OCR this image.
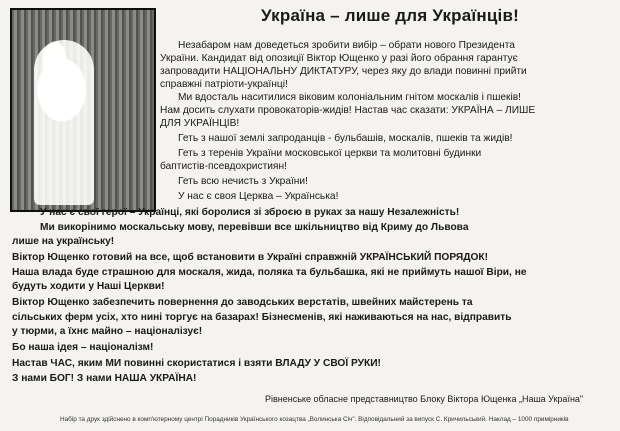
Україна – лише для Українців!
Незабаром нам доведеться зробити вибір – обрати нового Президента
України. Кандидат від опозиції Віктор Ющенко у разі його обрання гарантує
запровадити НАЦІОНАЛЬНУ ДИКТАТУРУ, через яку до влади повинні прийти
справжні патріоти-українці!
Ми вдосталь наситилися віковим колоніальним гнітом москалів і пшеків!
Нам досить слухати провокаторів-жидів! Настав час сказати: УКРАЇНА – ЛИШЕ
ДЛЯ УКРАЇНЦІВ!
Геть з нашої землі запроданців - бульбашів, москалів, пшеків та жидів!
Геть з теренів України московської церкви та молитовні будинки
баптистів-псевдохристиян!
Геть всю нечисть з України!
У нас є своя Церква – Українська!
У нас є свої герої – Українці, які боролися зі зброєю в руках за нашу Незалежність!
Ми викорінимо москальську мову, перевівши все шкільництво від Криму до Львова
лише на українську!
Віктор Ющенко готовий на все, щоб встановити в Україні справжній УКРАЇНСЬКИЙ ПОРЯДОК!
Наша влада буде страшною для москаля, жида, поляка та бульбашка, які не приймуть нашої Віри, не
будуть ходити у Наші Церкви!
Віктор Ющенко забезпечить повернення до заводських верстатів, швейних майстерень та
сільських ферм усіх, хто нині торгує на базарах! Бізнесменів, які наживаються на нас, відправить
у тюрми, а їхнє майно – націоналізує!
Бо наша ідея – націоналізм!
Настав ЧАС, яким МИ повинні скористатися і взяти ВЛАДУ У СВОЇ РУКИ!
З нами БОГ! З нами НАША УКРАЇНА!
Рівненське обласне представництво Блоку Віктора Ющенка „Наша Україна"
Набір та друк здійснено в комп'ютерному центрі Порадників Українського козацтва „Волинська Січ". Відповідальний за випуск С. Кричильський. Наклад – 1000 примірників
